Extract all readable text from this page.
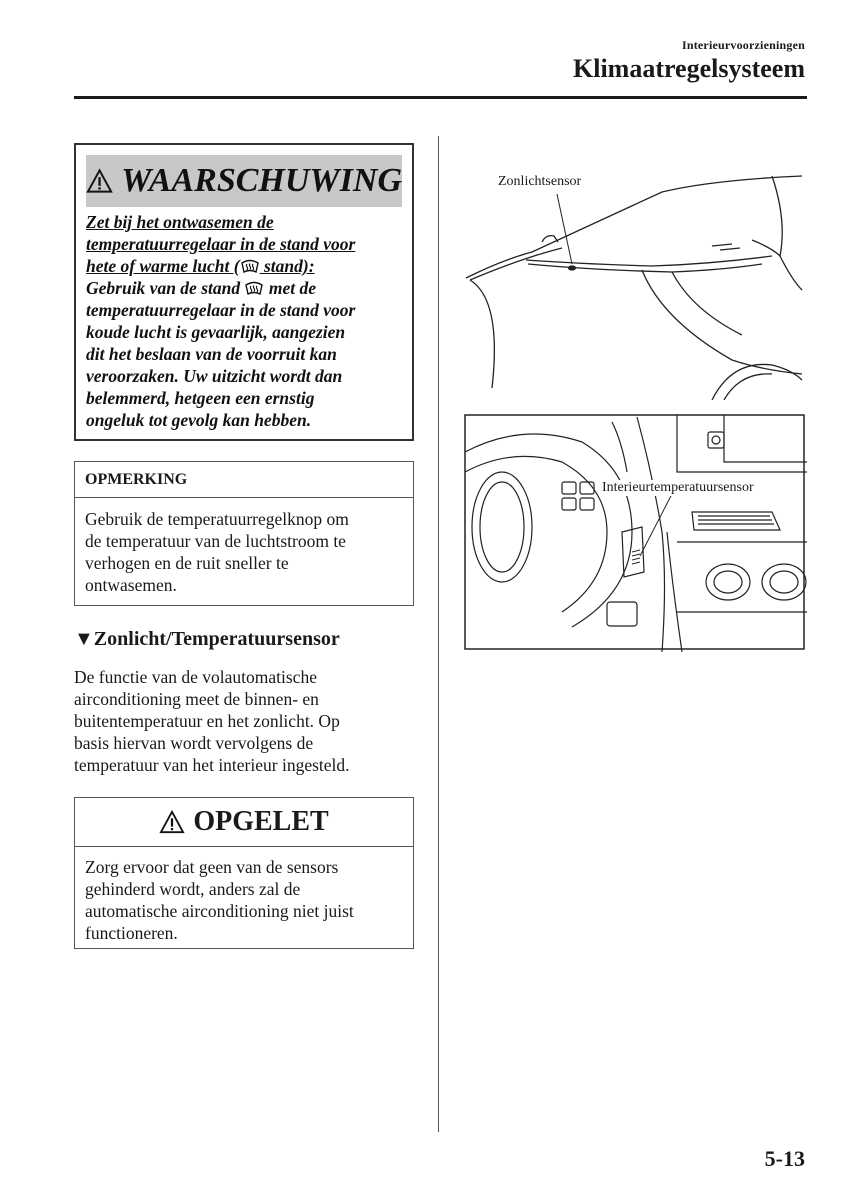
Interieurvoorzieningen
Klimaatregelsysteem
WAARSCHUWING
Zet bij het ontwasemen de
temperatuurregelaar in de stand voor
hete of warme lucht ( stand):
Gebruik van de stand  met de
temperatuurregelaar in de stand voor
koude lucht is gevaarlijk, aangezien
dit het beslaan van de voorruit kan
veroorzaken. Uw uitzicht wordt dan
belemmerd, hetgeen een ernstig
ongeluk tot gevolg kan hebben.
OPMERKING
Gebruik de temperatuurregelknop om
de temperatuur van de luchtstroom te
verhogen en de ruit sneller te
ontwasemen.
▼Zonlicht/Temperatuursensor
De functie van de volautomatische
airconditioning meet de binnen- en
buitentemperatuur en het zonlicht. Op
basis hiervan wordt vervolgens de
temperatuur van het interieur ingesteld.
OPGELET
Zorg ervoor dat geen van de sensors
gehinderd wordt, anders zal de
automatische airconditioning niet juist
functioneren.
Zonlichtsensor
Interieurtemperatuursensor
5-13
